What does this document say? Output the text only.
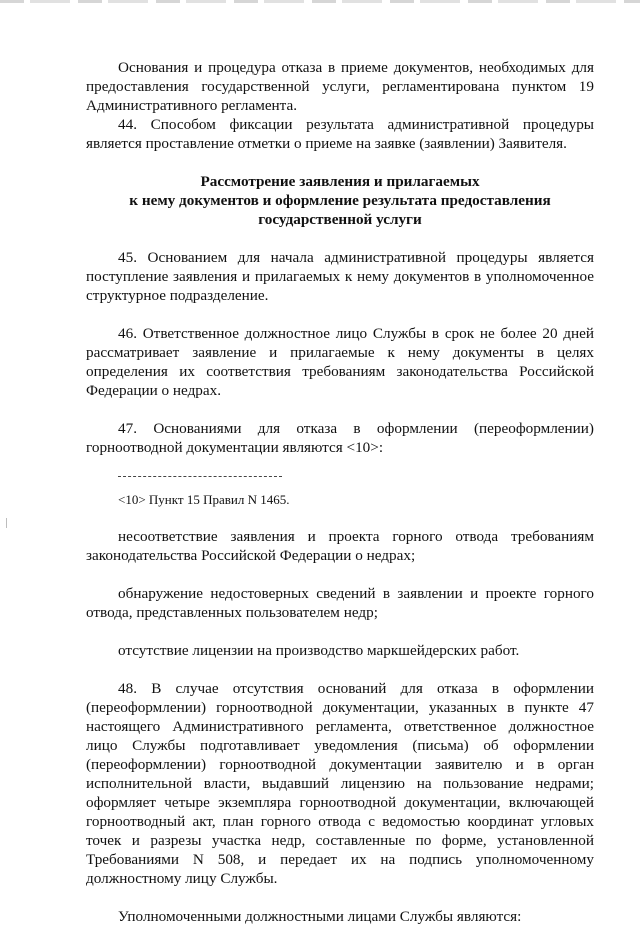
Основания и процедура отказа в приеме документов, необходимых для предоставления государственной услуги, регламентирована пунктом 19 Административного регламента.

44. Способом фиксации результата административной процедуры является проставление отметки о приеме на заявке (заявлении) Заявителя.

Рассмотрение заявления и прилагаемых
к нему документов и оформление результата предоставления
государственной услуги

45. Основанием для начала административной процедуры является поступление заявления и прилагаемых к нему документов в уполномоченное структурное подразделение.

46. Ответственное должностное лицо Службы в срок не более 20 дней рассматривает заявление и прилагаемые к нему документы в целях определения их соответствия требованиям законодательства Российской Федерации о недрах.

47. Основаниями для отказа в оформлении (переоформлении) горноотводной документации являются <10>:

<10> Пункт 15 Правил N 1465.

несоответствие заявления и проекта горного отвода требованиям законодательства Российской Федерации о недрах;

обнаружение недостоверных сведений в заявлении и проекте горного отвода, представленных пользователем недр;

отсутствие лицензии на производство маркшейдерских работ.

48. В случае отсутствия оснований для отказа в оформлении (переоформлении) горноотводной документации, указанных в пункте 47 настоящего Административного регламента, ответственное должностное лицо Службы подготавливает уведомления (письма) об оформлении (переоформлении) горноотводной документации заявителю и в орган исполнительной власти, выдавший лицензию на пользование недрами; оформляет четыре экземпляра горноотводной документации, включающей горноотводный акт, план горного отвода с ведомостью координат угловых точек и разрезы участка недр, составленные по форме, установленной Требованиями N 508, и передает их на подпись уполномоченному должностному лицу Службы.

Уполномоченными должностными лицами Службы являются:
